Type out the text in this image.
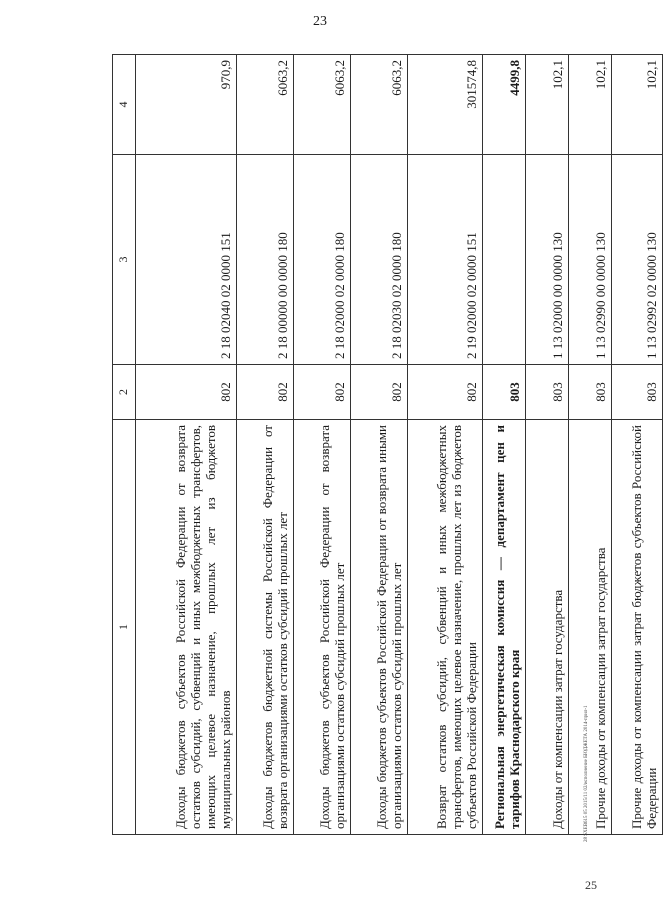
23
1	2	3	4
Доходы бюджетов субъектов Российской Федерации от возврата остатков субсидий, субвенций и иных межбюджетных трансфертов, имеющих целевое назначение, прошлых лет из бюджетов муниципальных районов	802	2 18 02040 02 0000 151	970,9
Доходы бюджетов бюджетной системы Российской Федерации от возврата организациями остатков субсидий прошлых лет	802	2 18 00000 00 0000 180	6063,2
Доходы бюджетов субъектов Российской Федерации от возврата организациями остатков субсидий прошлых лет	802	2 18 02000 02 0000 180	6063,2
Доходы бюджетов субъектов Российской Федерации от возврата иными организациями остатков субсидий прошлых лет	802	2 18 02030 02 0000 180	6063,2
Возврат остатков субсидий, субвенций и иных межбюджетных трансфертов, имеющих целевое назначение, прошлых лет из бюджетов субъектов Российской Федерации	802	2 19 02000 02 0000 151	301574,8
Региональная энергетическая комиссия — департамент цен и тарифов Краснодарского края	803		4499,8
Доходы от компенсации затрат государства	803	1 13 02000 00 0000 130	102,1
Прочие доходы от компенсации затрат государства	803	1 13 02990 00 0000 130	102,1
Прочие доходы от компенсации затрат бюджетов субъектов Российской Федерации	803	1 13 02992 02 0000 130	102,1
28 SXEB615 05 2015/11 02/исполнение БЮДЖЕТА 2014-прил-1
25
